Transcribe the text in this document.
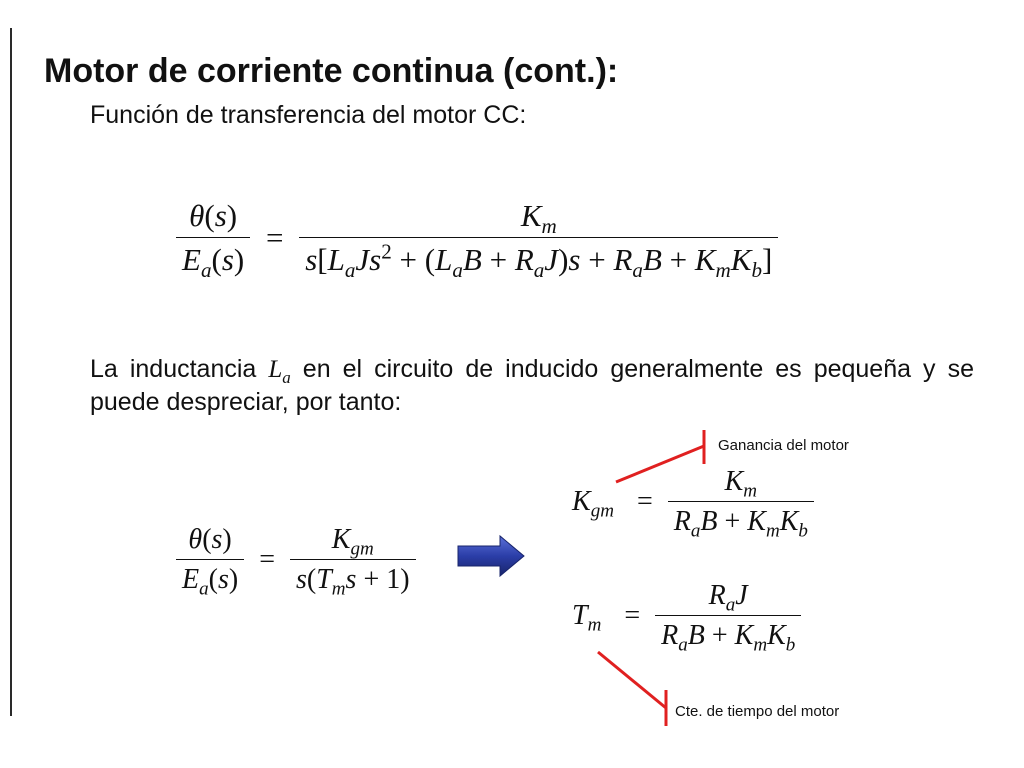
Motor de corriente continua (cont.):
Función de transferencia del motor CC:
$\frac{\theta(s)}{E_a(s)} = \frac{K_m}{s[L_aJs^2 + (L_aB + R_aJ)s + R_aB + K_mK_b]}$
La inductancia $L_a$ en el circuito de inducido generalmente es pequeña y se puede despreciar, por tanto:
$\frac{\theta(s)}{E_a(s)} = \frac{K_{gm}}{s(T_ms + 1)}$
$K_{gm} = \frac{K_m}{R_aB + K_mK_b}$
$T_m = \frac{R_aJ}{R_aB + K_mK_b}$
Ganancia del motor
Cte. de tiempo del motor
